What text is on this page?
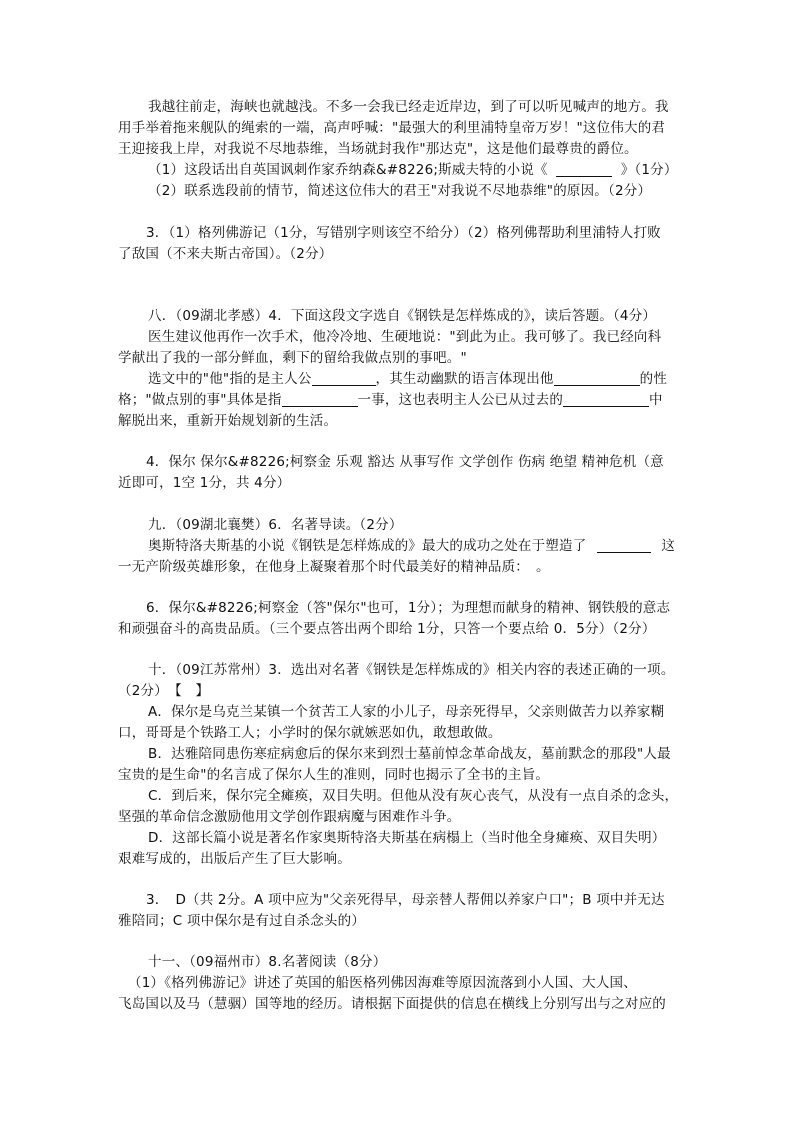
我越往前走，海峡也就越浅。不多一会我已经走近岸边，到了可以听见喊声的地方。我
用手举着拖来舰队的绳索的一端，高声呼喊："最强大的利里浦特皇帝万岁！"这位伟大的君
王迎接我上岸，对我说不尽地恭维，当场就封我作"那达克"，这是他们最尊贵的爵位。
（1）这段话出自英国讽刺作家乔纳森&#8226;斯威夫特的小说《	》（1分）
（2）联系选段前的情节，简述这位伟大的君王"对我说不尽地恭维"的原因。（2分）
3．（1）格列佛游记（1分，写错别字则该空不给分）（2）格列佛帮助利里浦特人打败
了敌国（不来夫斯古帝国）。（2分）
八．（09湖北孝感）4．下面这段文字选自《钢铁是怎样炼成的》，读后答题。（4分）
医生建议他再作一次手术，他冷冷地、生硬地说："到此为止。我可够了。我已经向科
学献出了我的一部分鲜血，剩下的留给我做点别的事吧。"
选文中的"他"指的是主人公	，其生动幽默的语言体现出他	的性
格；"做点别的事"具体是指	一事，这也表明主人公已从过去的	中
解脱出来，重新开始规划新的生活。
4．保尔 保尔&#8226;柯察金 乐观 豁达 从事写作 文学创作 伤病 绝望 精神危机（意
近即可，1空 1分，共 4分）
九．（09湖北襄樊）6．名著导读。（2分）
奥斯特洛夫斯基的小说《钢铁是怎样炼成的》最大的成功之处在于塑造了	这
一无产阶级英雄形象，在他身上凝聚着那个时代最美好的精神品质：　。
6．保尔&#8226;柯察金（答"保尔"也可，1分）；为理想而献身的精神、钢铁般的意志
和顽强奋斗的高贵品质。（三个要点答出两个即给 1分，只答一个要点给 0．5分）（2分）
十．（09江苏常州）3．选出对名著《钢铁是怎样炼成的》相关内容的表述正确的一项。
（2分）　【　】
A．保尔是乌克兰某镇一个贫苦工人家的小儿子，母亲死得早，父亲则做苦力以养家糊
口，哥哥是个铁路工人；小学时的保尔就嫉恶如仇，敢想敢做。
B．达雅陪同患伤寒症病愈后的保尔来到烈士墓前悼念革命战友，墓前默念的那段"人最
宝贵的是生命"的名言成了保尔人生的准则，同时也揭示了全书的主旨。
C．到后来，保尔完全瘫痪，双目失明。但他从没有灰心丧气，从没有一点自杀的念头，
坚强的革命信念激励他用文学创作跟病魔与困难作斗争。
D．这部长篇小说是著名作家奥斯特洛夫斯基在病榻上（当时他全身瘫痪、双目失明）
艰难写成的，出版后产生了巨大影响。
3．　D（共 2分。A 项中应为"父亲死得早，母亲替人帮佣以养家户口"；B 项中并无达
雅陪同；C 项中保尔是有过自杀念头的）
十一、（09福州市）8.名著阅读（8分）
（1）《格列佛游记》讲述了英国的船医格列佛因海难等原因流落到小人国、大人国、
飞岛国以及马（慧骃）国等地的经历。请根据下面提供的信息在横线上分别写出与之对应的
